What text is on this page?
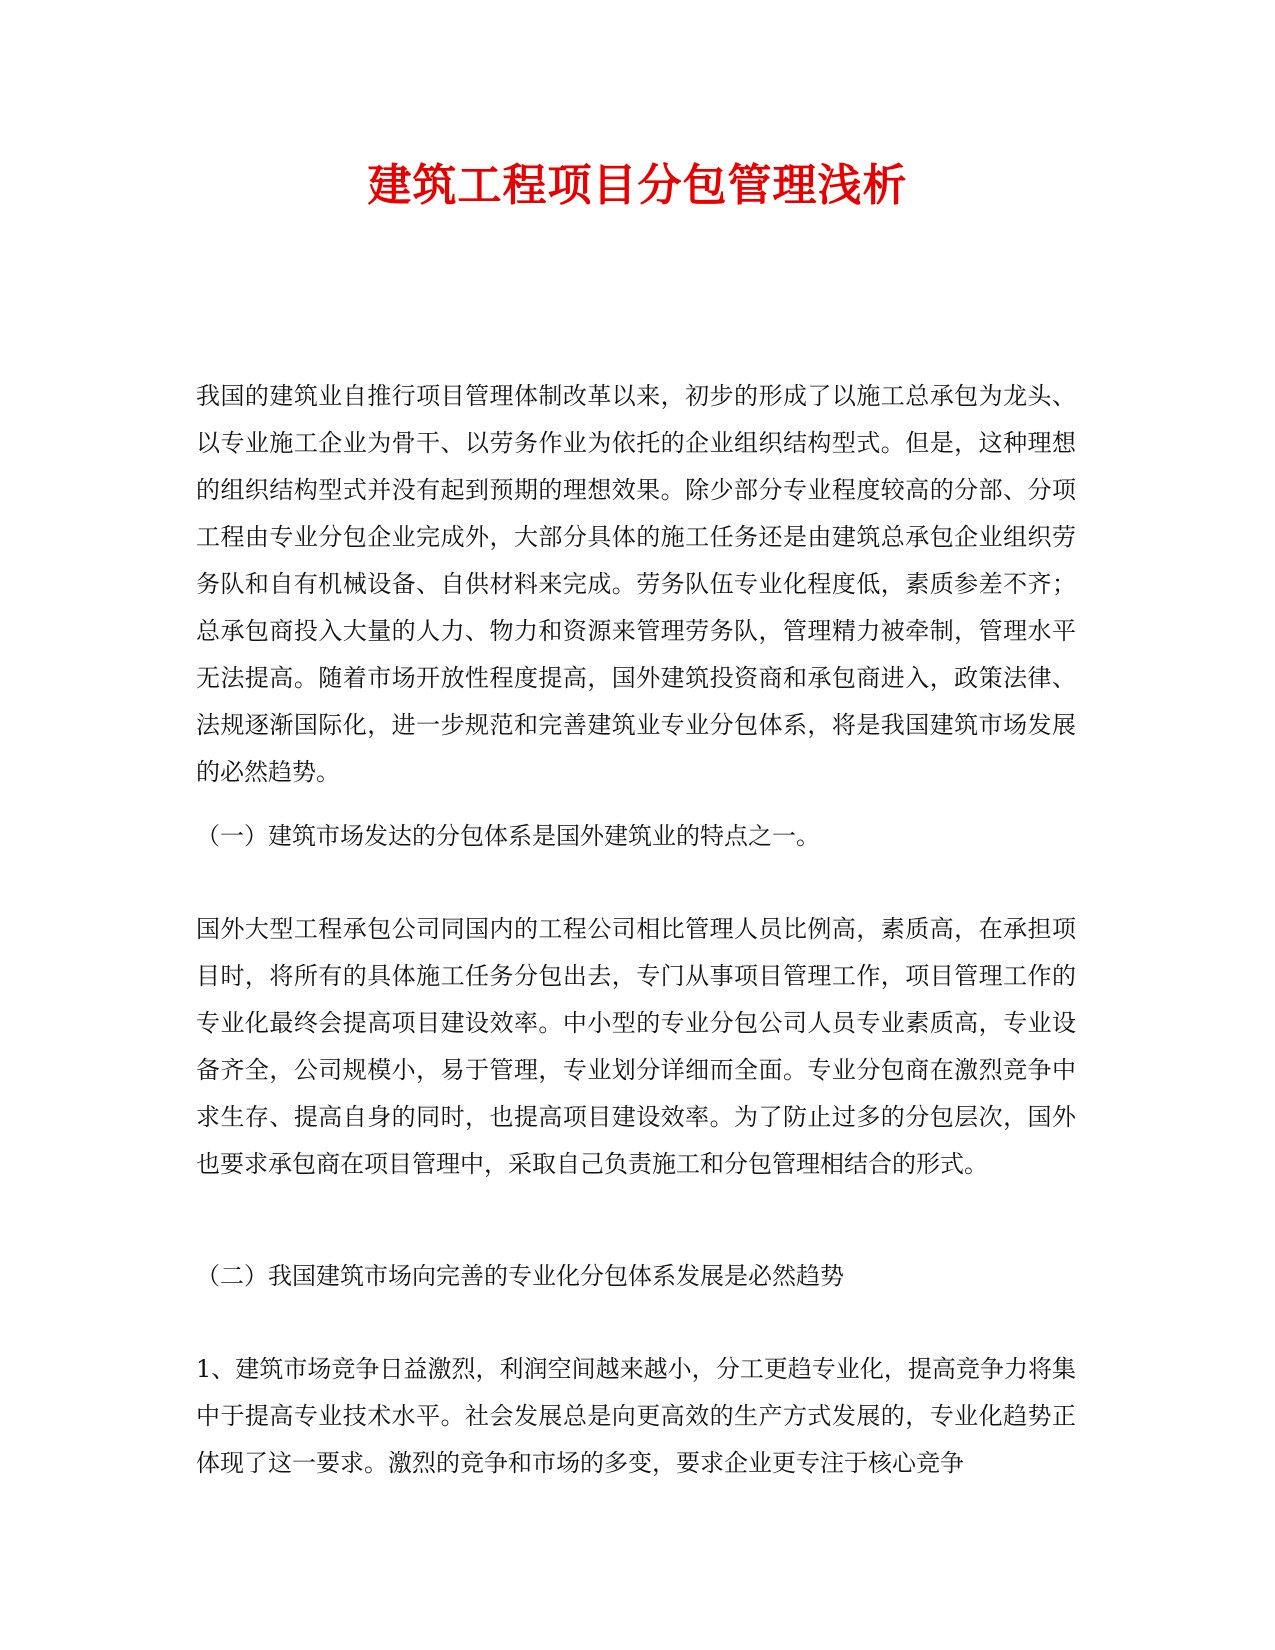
建筑工程项目分包管理浅析

我国的建筑业自推行项目管理体制改革以来，初步的形成了以施工总承包为龙头、以专业施工企业为骨干、以劳务作业为依托的企业组织结构型式。但是，这种理想的组织结构型式并没有起到预期的理想效果。除少部分专业程度较高的分部、分项工程由专业分包企业完成外，大部分具体的施工任务还是由建筑总承包企业组织劳务队和自有机械设备、自供材料来完成。劳务队伍专业化程度低，素质参差不齐；总承包商投入大量的人力、物力和资源来管理劳务队，管理精力被牵制，管理水平无法提高。随着市场开放性程度提高，国外建筑投资商和承包商进入，政策法律、法规逐渐国际化，进一步规范和完善建筑业专业分包体系，将是我国建筑市场发展的必然趋势。

（一）建筑市场发达的分包体系是国外建筑业的特点之一。

国外大型工程承包公司同国内的工程公司相比管理人员比例高，素质高，在承担项目时，将所有的具体施工任务分包出去，专门从事项目管理工作，项目管理工作的专业化最终会提高项目建设效率。中小型的专业分包公司人员专业素质高，专业设备齐全，公司规模小，易于管理，专业划分详细而全面。专业分包商在激烈竞争中求生存、提高自身的同时，也提高项目建设效率。为了防止过多的分包层次，国外也要求承包商在项目管理中，采取自己负责施工和分包管理相结合的形式。

（二）我国建筑市场向完善的专业化分包体系发展是必然趋势

1、建筑市场竞争日益激烈，利润空间越来越小，分工更趋专业化，提高竞争力将集中于提高专业技术水平。社会发展总是向更高效的生产方式发展的，专业化趋势正体现了这一要求。激烈的竞争和市场的多变，要求企业更专注于核心竞争
